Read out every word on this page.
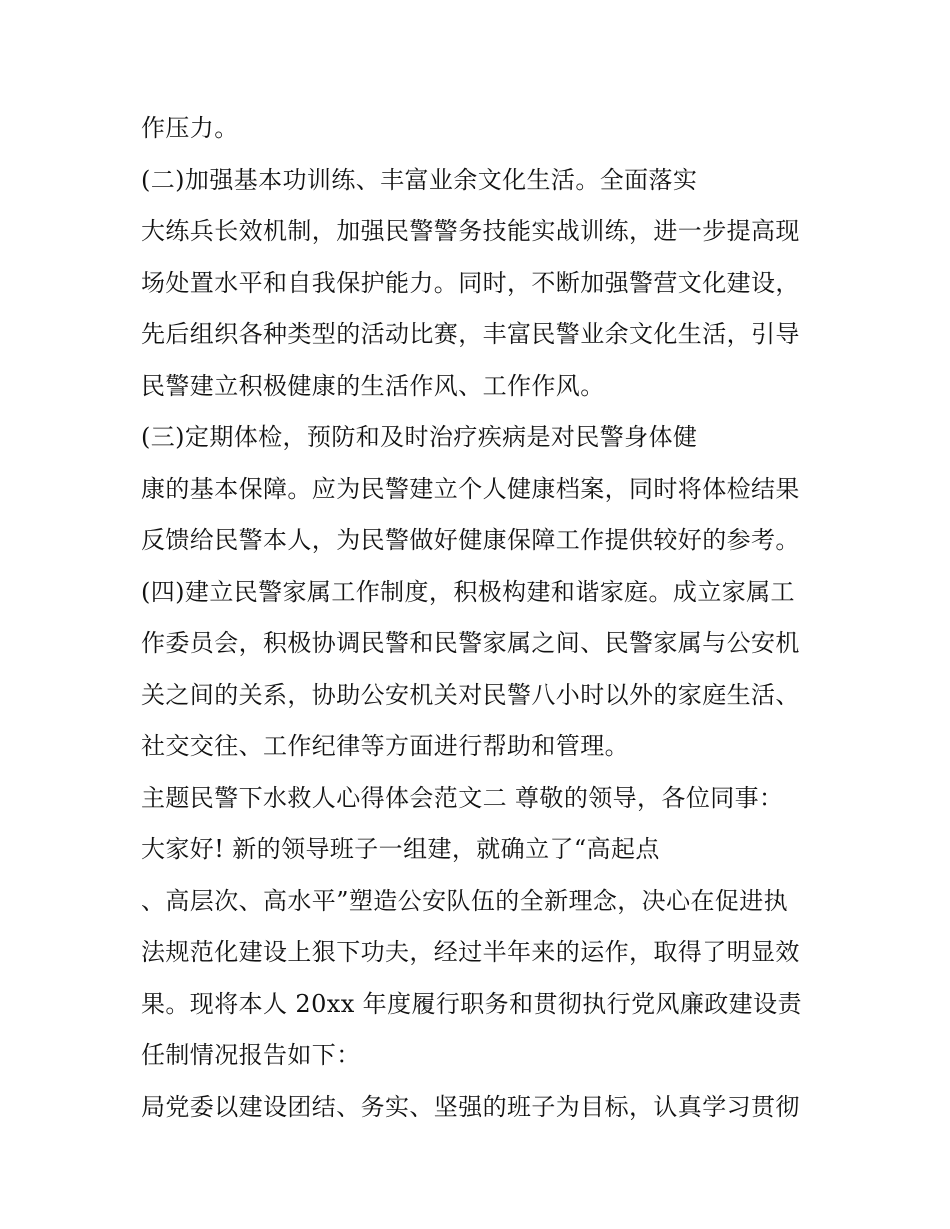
作压力。
(二)加强基本功训练、丰富业余文化生活。全面落实
大练兵长效机制，加强民警警务技能实战训练，进一步提高现
场处置水平和自我保护能力。同时，不断加强警营文化建设，
先后组织各种类型的活动比赛，丰富民警业余文化生活，引导
民警建立积极健康的生活作风、工作作风。
(三)定期体检，预防和及时治疗疾病是对民警身体健
康的基本保障。应为民警建立个人健康档案，同时将体检结果
反馈给民警本人，为民警做好健康保障工作提供较好的参考。
(四)建立民警家属工作制度，积极构建和谐家庭。成立家属工
作委员会，积极协调民警和民警家属之间、民警家属与公安机
关之间的关系，协助公安机关对民警八小时以外的家庭生活、
社交交往、工作纪律等方面进行帮助和管理。
主题民警下水救人心得体会范文二 尊敬的领导，各位同事：
大家好! 新的领导班子一组建，就确立了“高起点
、高层次、高水平”塑造公安队伍的全新理念，决心在促进执
法规范化建设上狠下功夫，经过半年来的运作，取得了明显效
果。现将本人 20xx 年度履行职务和贯彻执行党风廉政建设责
任制情况报告如下：
局党委以建设团结、务实、坚强的班子为目标，认真学习贯彻
